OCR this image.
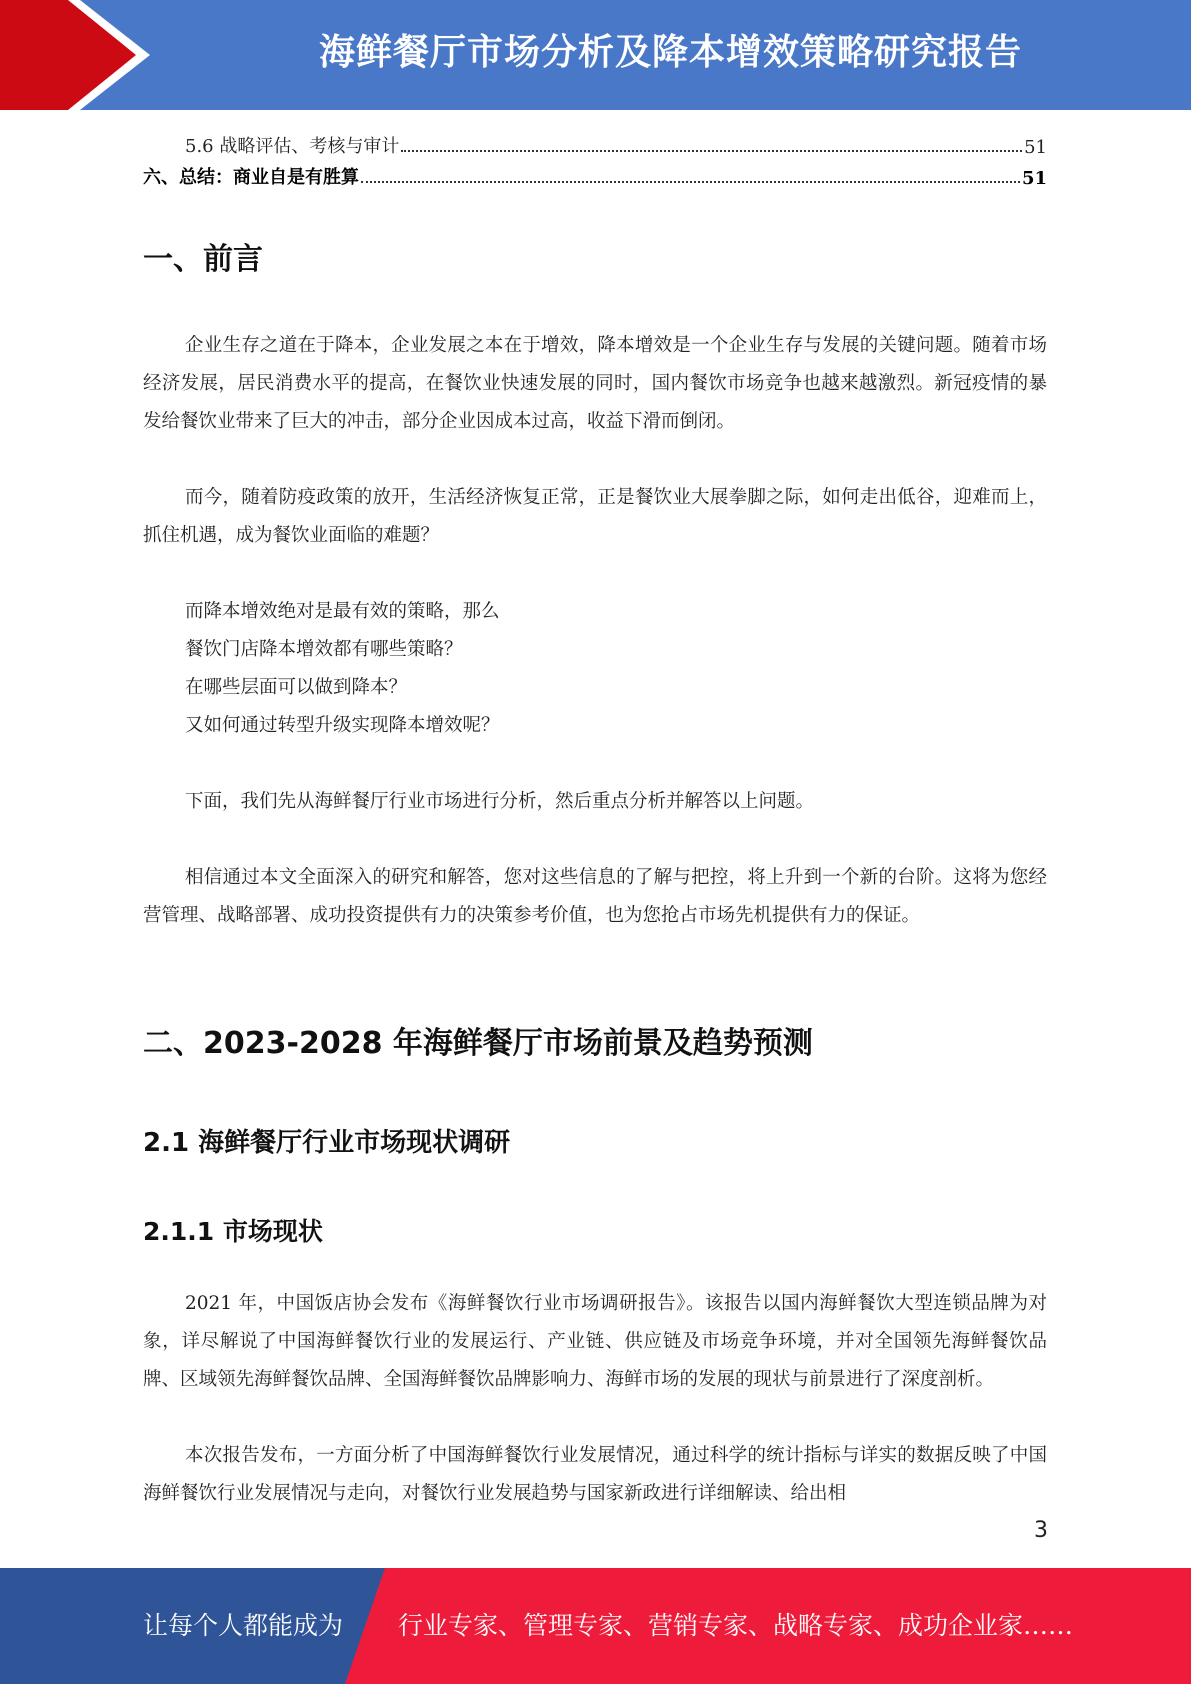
海鲜餐厅市场分析及降本增效策略研究报告
5.6 战略评估、考核与审计	51
六、总结：商业自是有胜算	51
一、前言

企业生存之道在于降本，企业发展之本在于增效，降本增效是一个企业生存与发展的关键问题。随着市场经济发展，居民消费水平的提高，在餐饮业快速发展的同时，国内餐饮市场竞争也越来越激烈。新冠疫情的暴发给餐饮业带来了巨大的冲击，部分企业因成本过高，收益下滑而倒闭。

而今，随着防疫政策的放开，生活经济恢复正常，正是餐饮业大展拳脚之际，如何走出低谷，迎难而上，抓住机遇，成为餐饮业面临的难题？

而降本增效绝对是最有效的策略，那么
餐饮门店降本增效都有哪些策略？
在哪些层面可以做到降本？
又如何通过转型升级实现降本增效呢？

下面，我们先从海鲜餐厅行业市场进行分析，然后重点分析并解答以上问题。

相信通过本文全面深入的研究和解答，您对这些信息的了解与把控，将上升到一个新的台阶。这将为您经营管理、战略部署、成功投资提供有力的决策参考价值，也为您抢占市场先机提供有力的保证。

二、2023-2028 年海鲜餐厅市场前景及趋势预测
2.1 海鲜餐厅行业市场现状调研
2.1.1 市场现状

2021 年，中国饭店协会发布《海鲜餐饮行业市场调研报告》。该报告以国内海鲜餐饮大型连锁品牌为对象，详尽解说了中国海鲜餐饮行业的发展运行、产业链、供应链及市场竞争环境，并对全国领先海鲜餐饮品牌、区域领先海鲜餐饮品牌、全国海鲜餐饮品牌影响力、海鲜市场的发展的现状与前景进行了深度剖析。

本次报告发布，一方面分析了中国海鲜餐饮行业发展情况，通过科学的统计指标与详实的数据反映了中国海鲜餐饮行业发展情况与走向，对餐饮行业发展趋势与国家新政进行详细解读、给出相

3
让每个人都能成为 行业专家、管理专家、营销专家、战略专家、成功企业家……
